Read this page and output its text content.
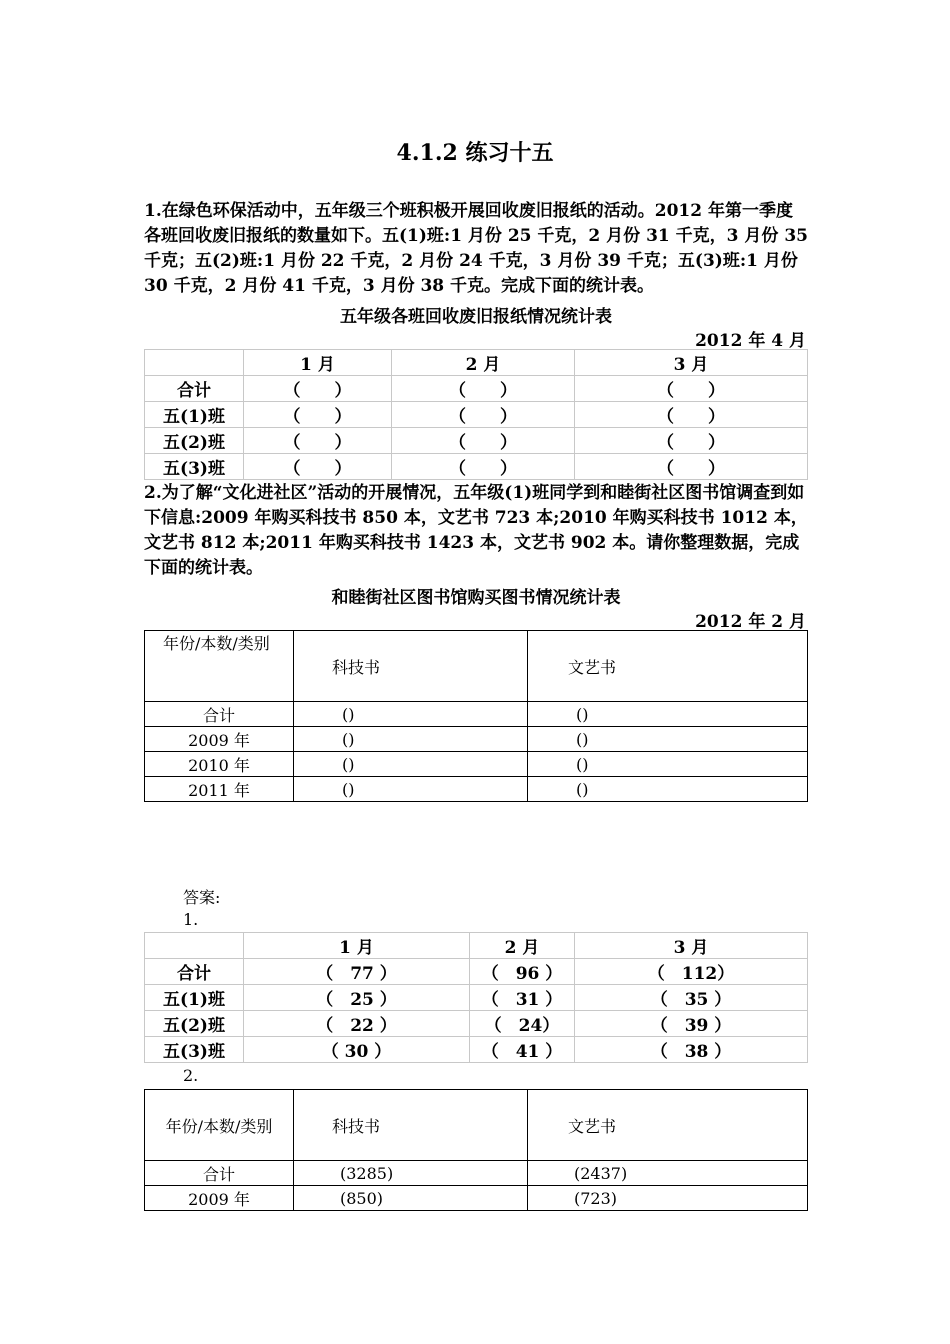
4.1.2 练习十五
1.在绿色环保活动中，五年级三个班积极开展回收废旧报纸的活动。2012 年第一季度各班回收废旧报纸的数量如下。五(1)班:1 月份 25 千克，2 月份 31 千克，3 月份 35 千克；五(2)班:1 月份 22 千克，2 月份 24 千克，3 月份 39 千克；五(3)班:1 月份 30 千克，2 月份 41 千克，3 月份 38 千克。完成下面的统计表。
五年级各班回收废旧报纸情况统计表
2012 年 4 月
	1 月	2 月	3 月
合计	（　　）	（　　）	（　　）
五(1)班	（　　）	（　　）	（　　）
五(2)班	（　　）	（　　）	（　　）
五(3)班	（　　）	（　　）	（　　）
2.为了解“文化进社区”活动的开展情况，五年级(1)班同学到和睦街社区图书馆调查到如下信息:2009 年购买科技书 850 本，文艺书 723 本;2010 年购买科技书 1012 本，文艺书 812 本;2011 年购买科技书 1423 本，文艺书 902 本。请你整理数据，完成下面的统计表。
和睦街社区图书馆购买图书情况统计表
2012 年 2 月
　年份/本数/类别	科技书	文艺书
合计	()	()
2009 年	()	()
2010 年	()	()
2011 年	()	()
答案:
1.
	1 月	2 月	3 月
合计	（　77 ）	（　96 ）	（　112）
五(1)班	（　25 ）	（　31 ）	（　35 ）
五(2)班	（　22 ）	（　24）	（　39 ）
五(3)班	（ 30 ）	（　41 ）	（　38 ）
2.
年份/本数/类别	科技书	文艺书
合计	(3285)	(2437)
2009 年	(850)	(723)
